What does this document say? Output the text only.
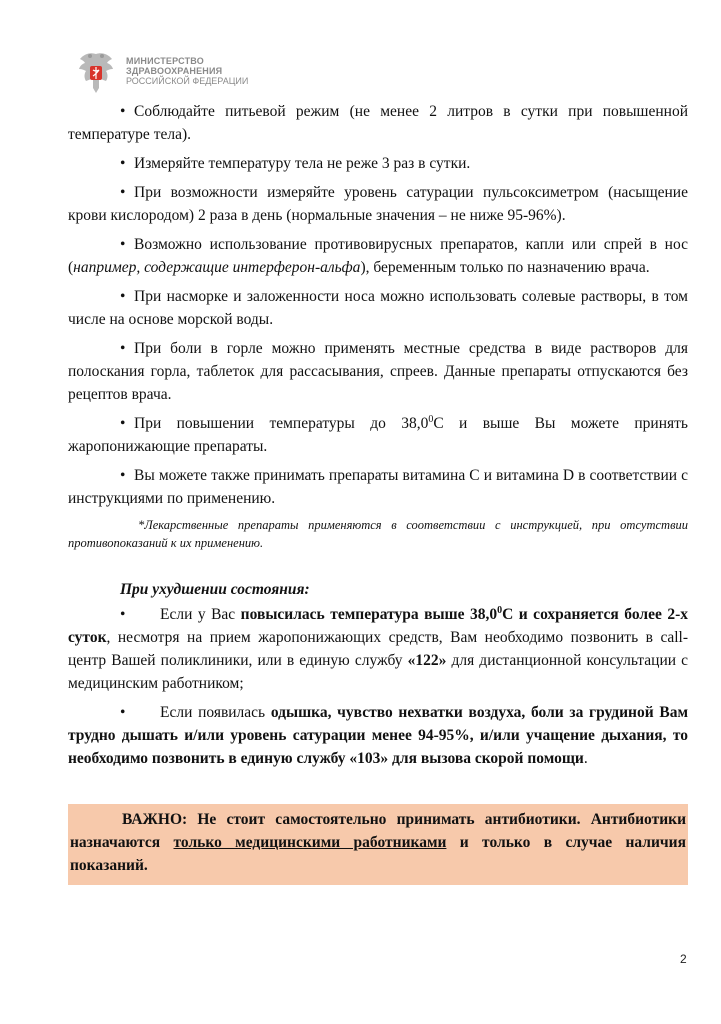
МИНИСТЕРСТВО
ЗДРАВООХРАНЕНИЯ
РОССИЙСКОЙ ФЕДЕРАЦИИ

• Соблюдайте питьевой режим (не менее 2 литров в сутки при повышенной температуре тела).

• Измеряйте температуру тела не реже 3 раз в сутки.

• При возможности измеряйте уровень сатурации пульсоксиметром (насыщение крови кислородом) 2 раза в день (нормальные значения – не ниже 95-96%).

• Возможно использование противовирусных препаратов, капли или спрей в нос (например, содержащие интерферон-альфа), беременным только по назначению врача.

• При насморке и заложенности носа можно использовать солевые растворы, в том числе на основе морской воды.

• При боли в горле можно применять местные средства в виде растворов для полоскания горла, таблеток для рассасывания, спреев. Данные препараты отпускаются без рецептов врача.

• При повышении температуры до 38,0$^0$С и выше Вы можете принять жаропонижающие препараты.

• Вы можете также принимать препараты витамина С и витамина D в соответствии с инструкциями по применению.

*Лекарственные препараты применяются в соответствии с инструкцией, при отсутствии противопоказаний к их применению.

При ухудшении состояния:

• Если у Вас повысилась температура выше 38,0$^0$С и сохраняется более 2-х суток, несмотря на прием жаропонижающих средств, Вам необходимо позвонить в call-центр Вашей поликлиники, или в единую службу «122» для дистанционной консультации с медицинским работником;

• Если появилась одышка, чувство нехватки воздуха, боли за грудиной Вам трудно дышать и/или уровень сатурации менее 94-95%, и/или учащение дыхания, то необходимо позвонить в единую службу «103» для вызова скорой помощи.

ВАЖНО: Не стоит самостоятельно принимать антибиотики. Антибиотики назначаются только медицинскими работниками и только в случае наличия показаний.
2
